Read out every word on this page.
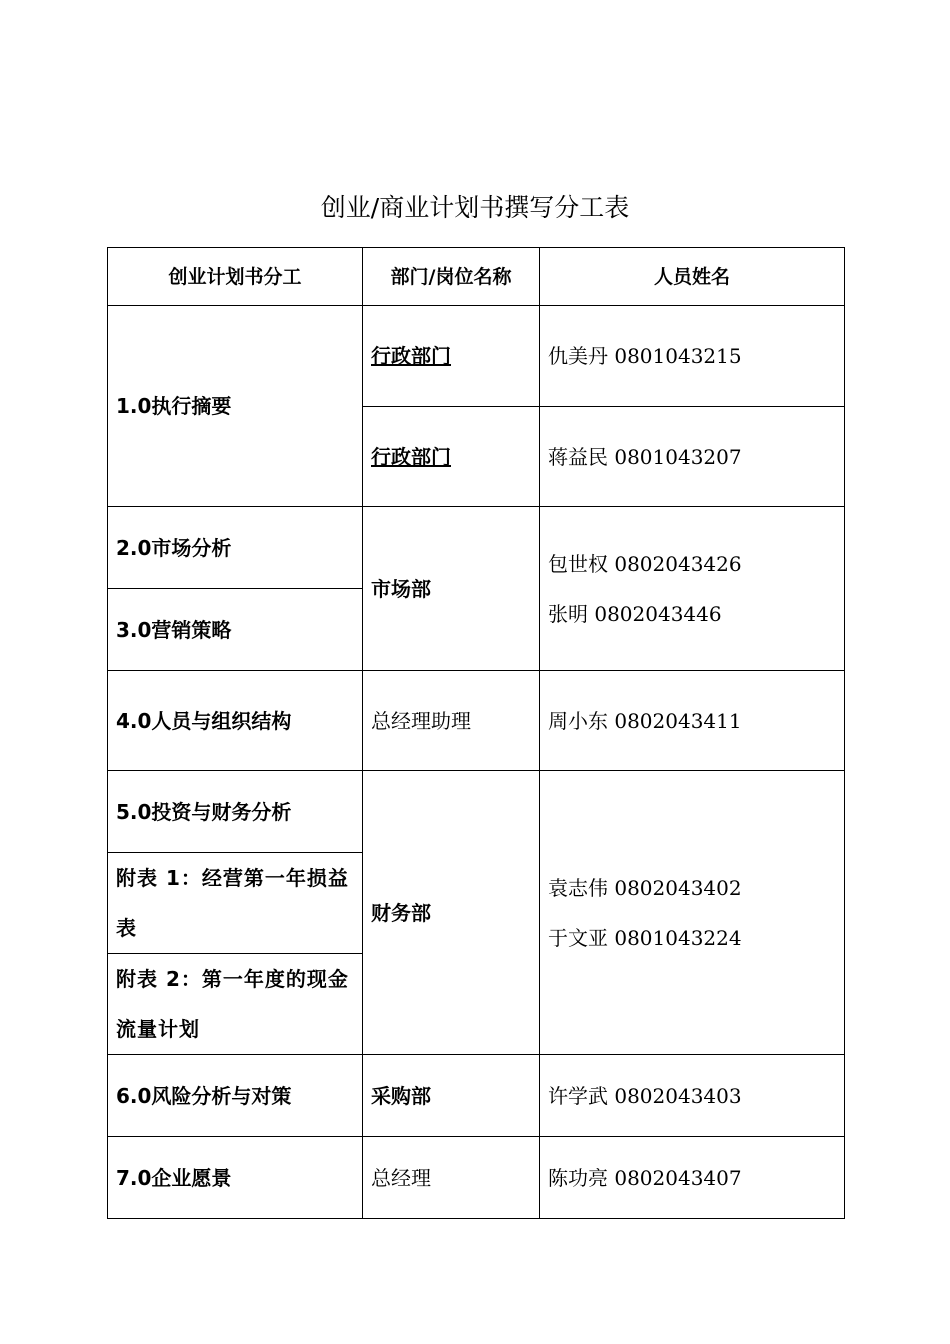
创业/商业计划书撰写分工表
创业计划书分工	部门/岗位名称	人员姓名
1.0执行摘要	行政部门	仇美丹 0801043215

	行政部门	蒋益民 0801043207

2.0市场分析	市场部	包世权 0802043426
张明 0802043446

3.0营销策略		
4.0人员与组织结构	总经理助理	周小东 0802043411

5.0投资与财务分析	财务部	袁志伟 0802043402
于文亚 0801043224

附表 1：经营第一年损益表		
附表 2：第一年度的现金流量计划		
6.0风险分析与对策	采购部	许学武 0802043403
7.0企业愿景	总经理	陈功亮 0802043407
